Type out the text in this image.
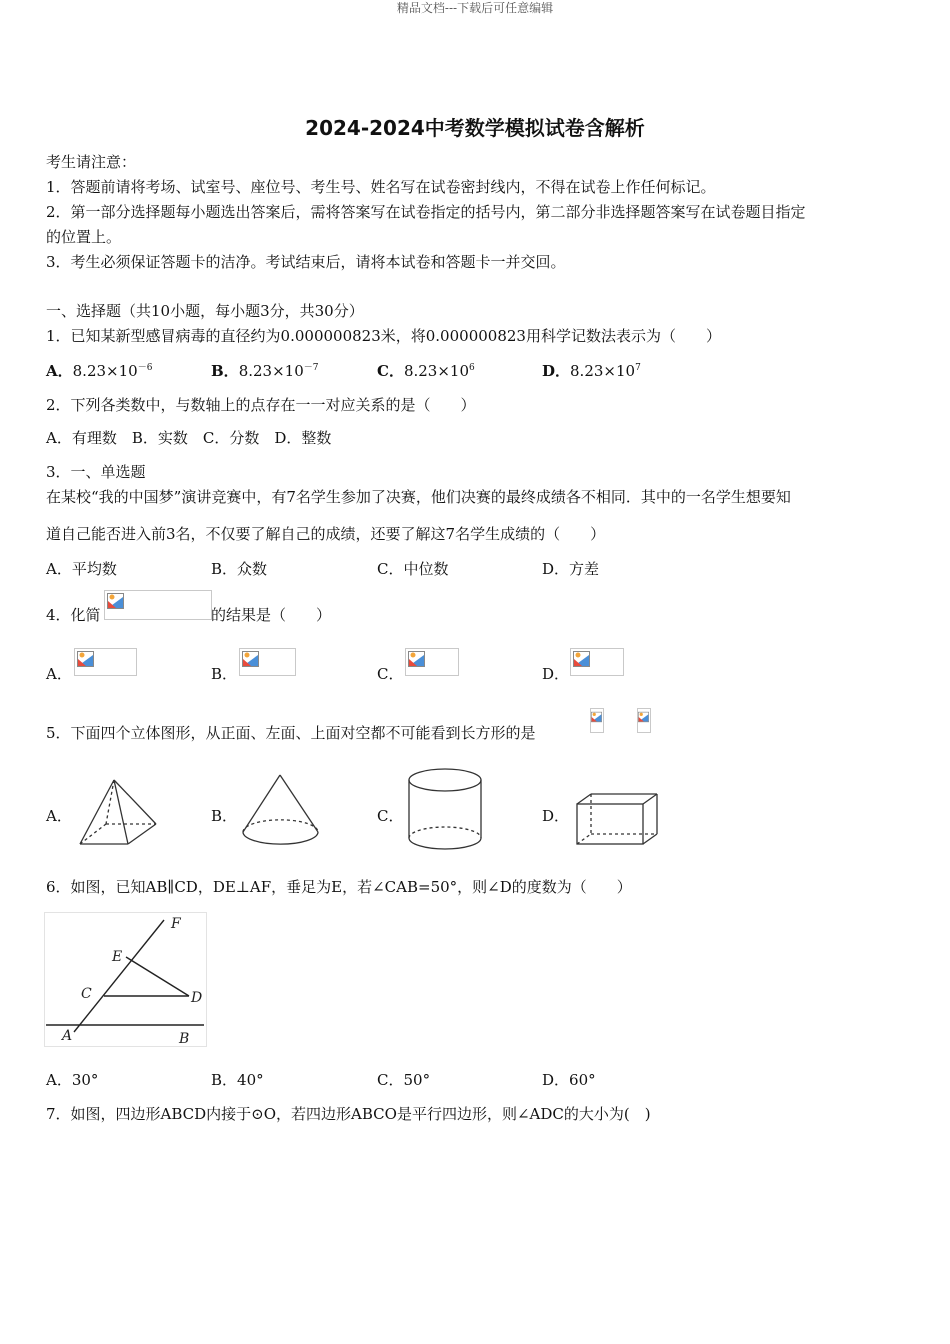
精品文档---下载后可任意编辑
2024-2024中考数学模拟试卷含解析
考生请注意：
1．答题前请将考场、试室号、座位号、考生号、姓名写在试卷密封线内，不得在试卷上作任何标记。
2．第一部分选择题每小题选出答案后，需将答案写在试卷指定的括号内，第二部分非选择题答案写在试卷题目指定
的位置上。
3．考生必须保证答题卡的洁净。考试结束后，请将本试卷和答题卡一并交回。
一、选择题（共10小题，每小题3分，共30分）
1．已知某新型感冒病毒的直径约为0.000000823米，将0.000000823用科学记数法表示为（　　）
A．$8.23\times 10^{-6}$	B．$8.23\times 10^{-7}$	C．$8.23\times 10^6$	D．$8.23\times 10^7$
2．下列各类数中，与数轴上的点存在一一对应关系的是（　　）
A．有理数　B．实数　C．分数　D．整数
3．一、单选题
在某校“我的中国梦”演讲竞赛中，有7名学生参加了决赛，他们决赛的最终成绩各不相同．其中的一名学生想要知
道自己能否进入前3名，不仅要了解自己的成绩，还要了解这7名学生成绩的（　　）
A．平均数	B．众数	C．中位数	D．方差
4．化简	的结果是（　　）
A．	B．	C．	D．
5．下面四个立体图形，从正面、左面、上面对空都不可能看到长方形的是
A．	B．	C．	D．
6．如图，已知AB∥CD，DE⊥AF，垂足为E，若∠CAB=50°，则∠D的度数为（　　）
F
E
C	D
A	B
A．30°	B．40°	C．50°	D．60°
7．如图，四边形ABCD内接于⊙O，若四边形ABCO是平行四边形，则∠ADC的大小为(　)
